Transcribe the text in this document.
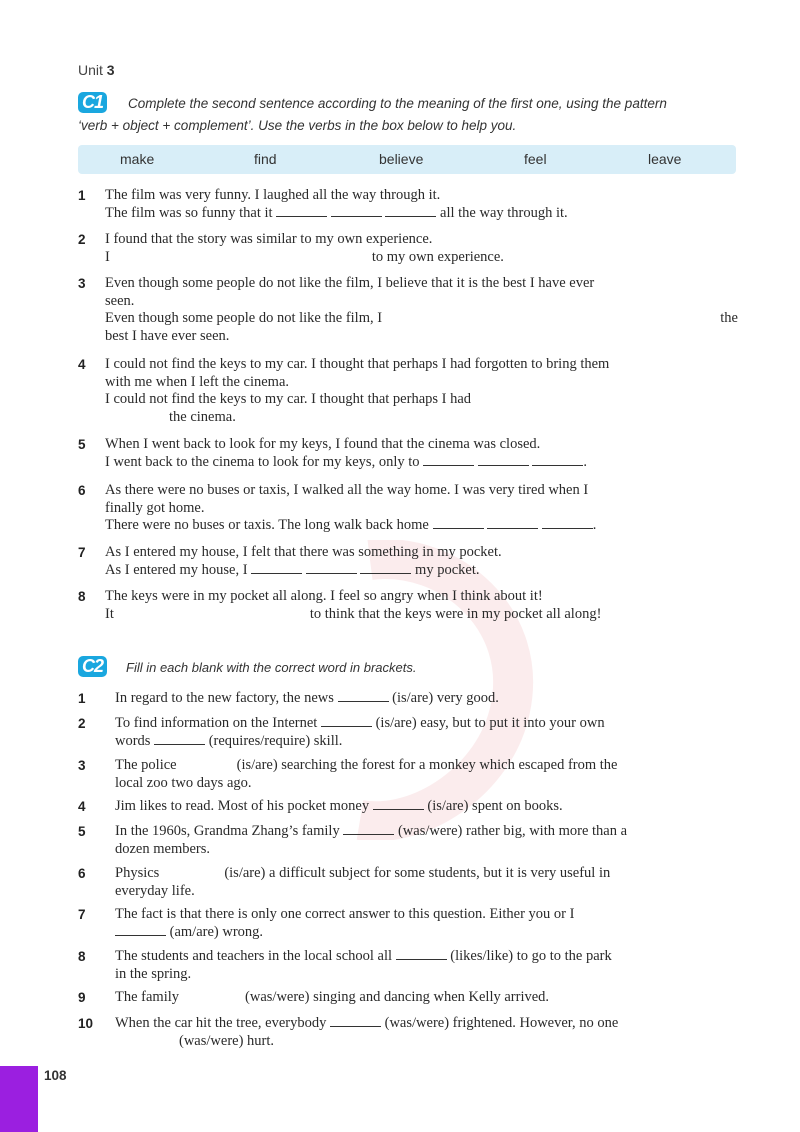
Unit 3
C1 Complete the second sentence according to the meaning of the first one, using the pattern
‘verb + object + complement’. Use the verbs in the box below to help you.
make	find	believe	feel	leave
1 The film was very funny. I laughed all the way through it.
The film was so funny that it	all the way through it.
2 I found that the story was similar to my own experience.
I	to my own experience.
3 Even though some people do not like the film, I believe that it is the best I have ever
seen.
Even though some people do not like the film, I	the
best I have ever seen.
4 I could not find the keys to my car. I thought that perhaps I had forgotten to bring them
with me when I left the cinema.
I could not find the keys to my car. I thought that perhaps I had
the cinema.
5 When I went back to look for my keys, I found that the cinema was closed.
I went back to the cinema to look for my keys, only to	.
6 As there were no buses or taxis, I walked all the way home. I was very tired when I
finally got home.
There were no buses or taxis. The long walk back home	.
7 As I entered my house, I felt that there was something in my pocket.
As I entered my house, I	my pocket.
8 The keys were in my pocket all along. I feel so angry when I think about it!
It	to think that the keys were in my pocket all along!
C2	Fill in each blank with the correct word in brackets.
1 In regard to the new factory, the news	(is/are) very good.
2 To find information on the Internet	(is/are) easy, but to put it into your own
words	(requires/require) skill.
3 The police	(is/are) searching the forest for a monkey which escaped from the
local zoo two days ago.
4 Jim likes to read. Most of his pocket money	(is/are) spent on books.
5 In the 1960s, Grandma Zhang’s family	(was/were) rather big, with more than a
dozen members.
6 Physics	(is/are) a difficult subject for some students, but it is very useful in
everyday life.
7 The fact is that there is only one correct answer to this question. Either you or I
(am/are) wrong.
8 The students and teachers in the local school all	(likes/like) to go to the park
in the spring.
9 The family	(was/were) singing and dancing when Kelly arrived.
10 When the car hit the tree, everybody	(was/were) frightened. However, no one
(was/were) hurt.
108
